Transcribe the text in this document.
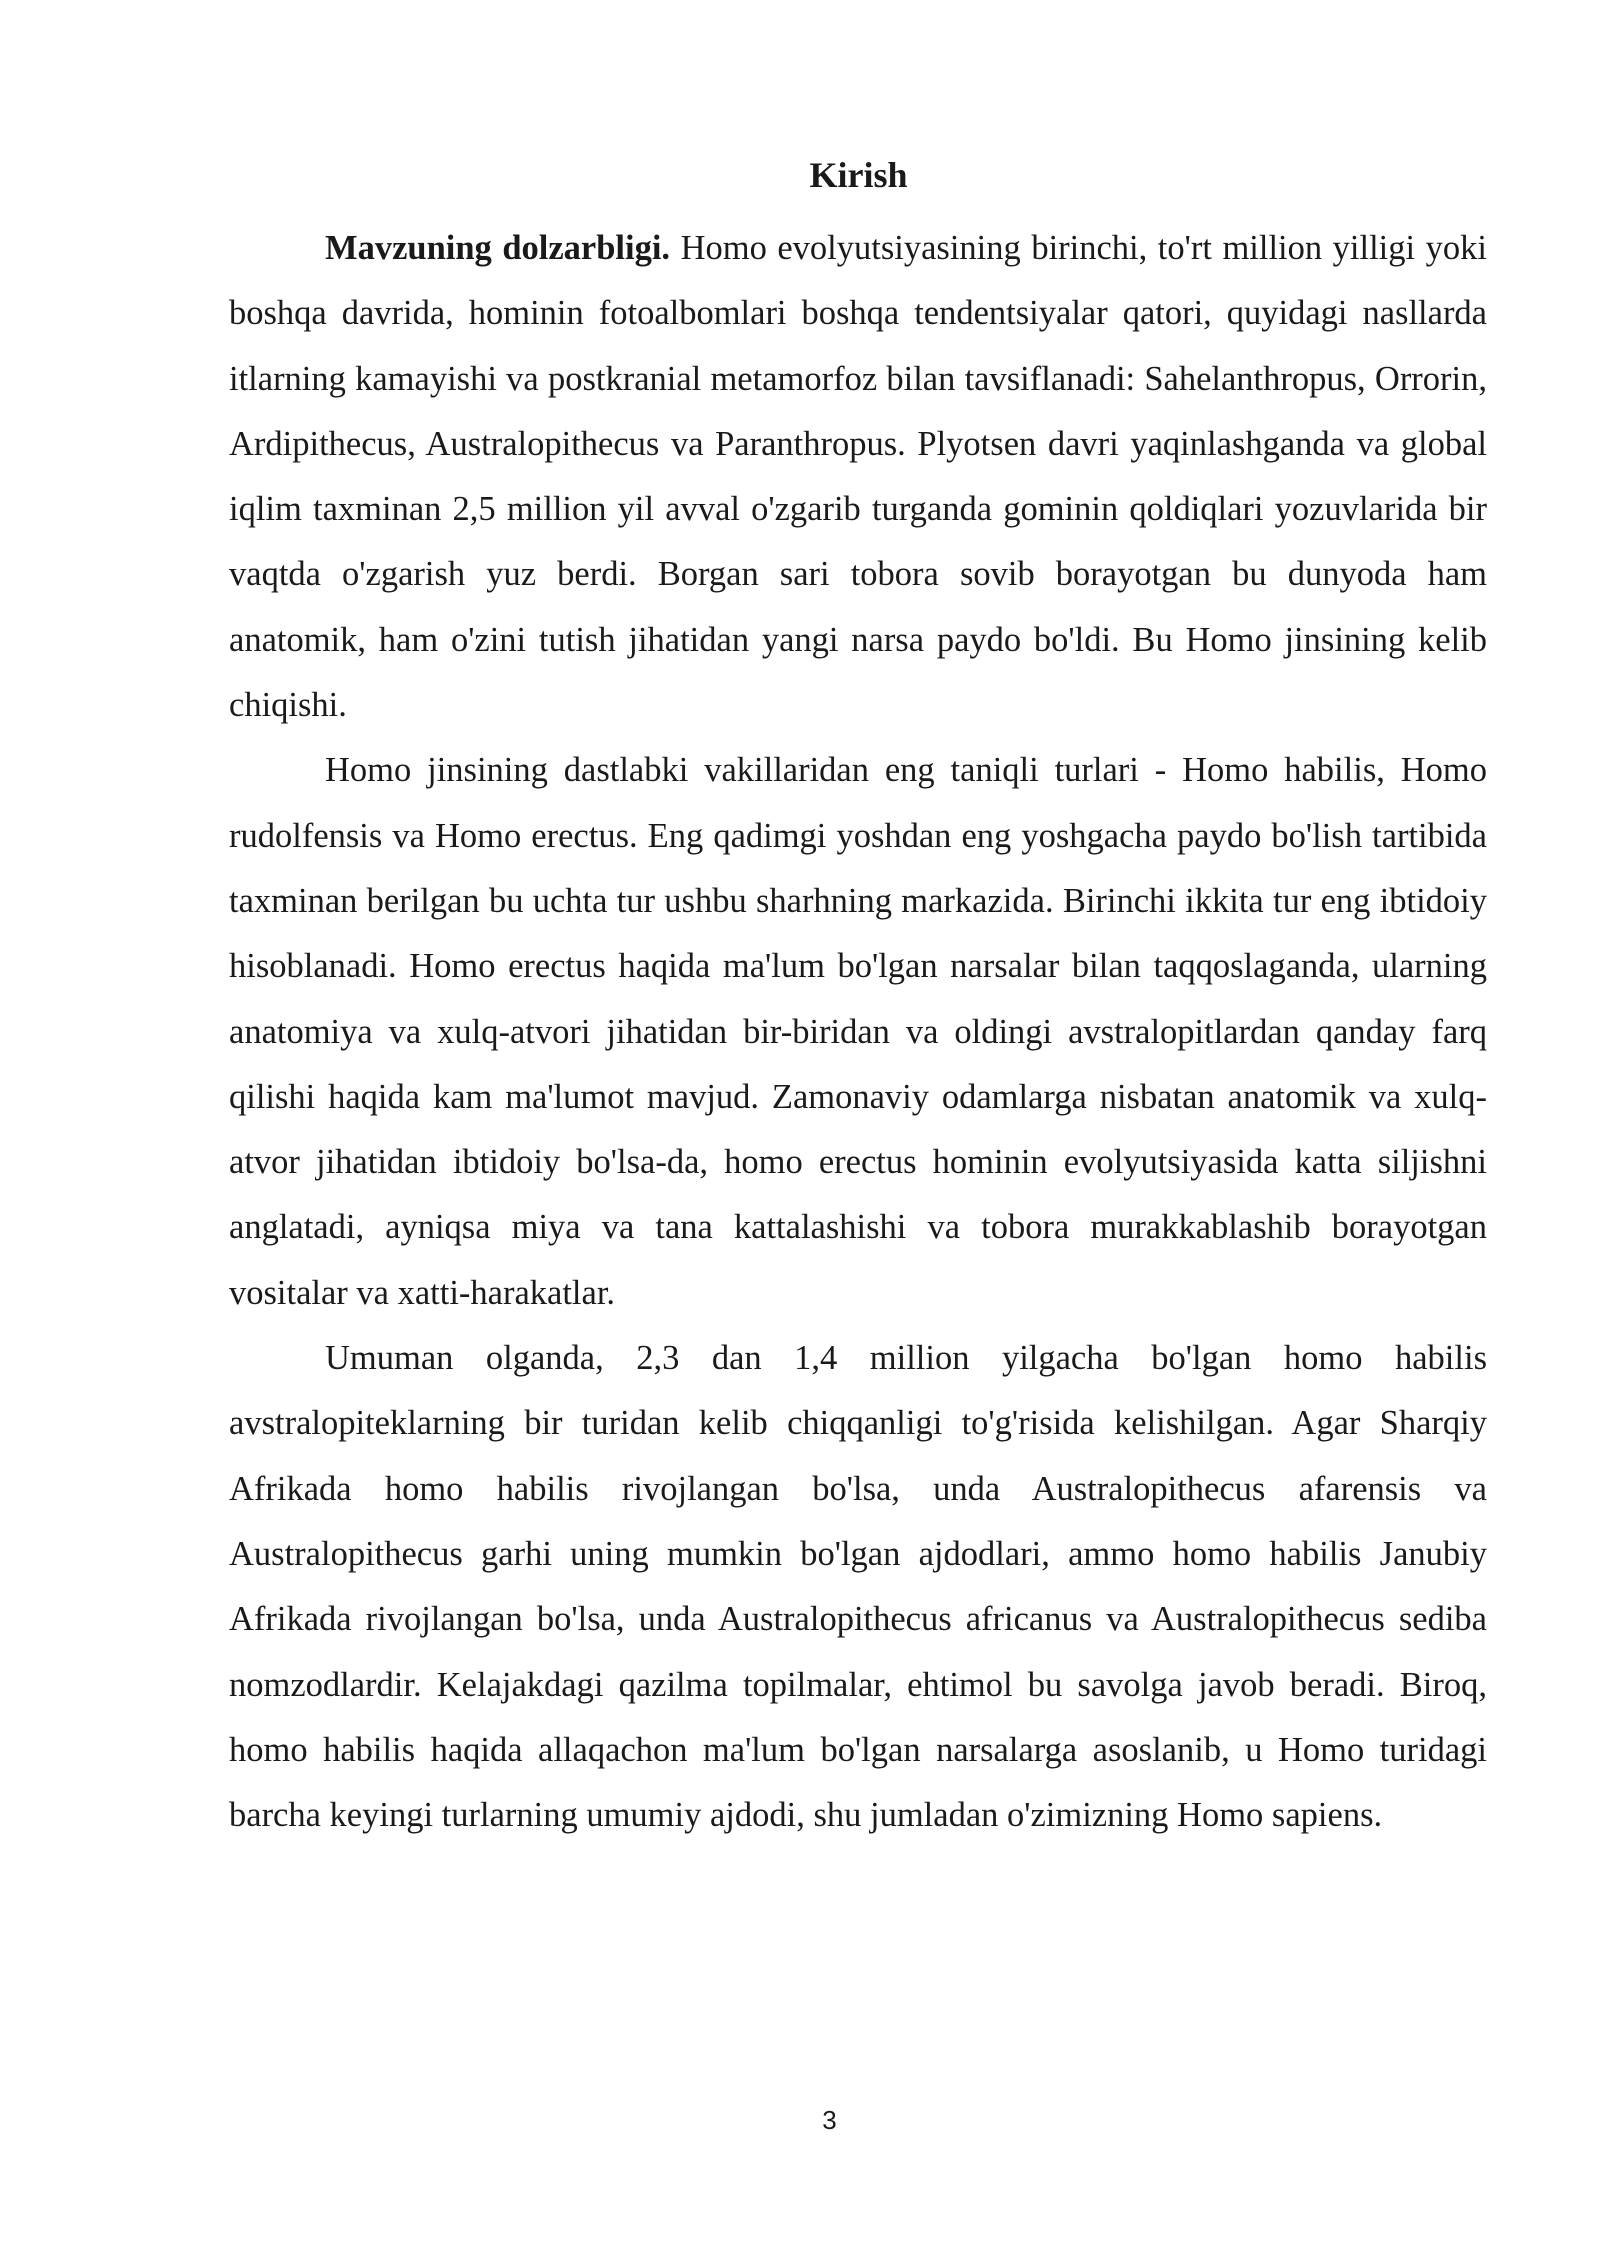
Kirish

Mavzuning dolzarbligi. Homo evolyutsiyasining birinchi, to'rt million yilligi yoki boshqa davrida, hominin fotoalbomlari boshqa tendentsiyalar qatori, quyidagi nasllarda itlarning kamayishi va postkranial metamorfoz bilan tavsiflanadi: Sahelanthropus, Orrorin, Ardipithecus, Australopithecus va Paranthropus. Plyotsen davri yaqinlashganda va global iqlim taxminan 2,5 million yil avval o'zgarib turganda gominin qoldiqlari yozuvlarida bir vaqtda o'zgarish yuz berdi. Borgan sari tobora sovib borayotgan bu dunyoda ham anatomik, ham o'zini tutish jihatidan yangi narsa paydo bo'ldi. Bu Homo jinsining kelib chiqishi.

Homo jinsining dastlabki vakillaridan eng taniqli turlari - Homo habilis, Homo rudolfensis va Homo erectus. Eng qadimgi yoshdan eng yoshgacha paydo bo'lish tartibida taxminan berilgan bu uchta tur ushbu sharhning markazida. Birinchi ikkita tur eng ibtidoiy hisoblanadi. Homo erectus haqida ma'lum bo'lgan narsalar bilan taqqoslaganda, ularning anatomiya va xulq-atvori jihatidan bir-biridan va oldingi avstralopitlardan qanday farq qilishi haqida kam ma'lumot mavjud. Zamonaviy odamlarga nisbatan anatomik va xulq-atvor jihatidan ibtidoiy bo'lsa-da, homo erectus hominin evolyutsiyasida katta siljishni anglatadi, ayniqsa miya va tana kattalashishi va tobora murakkablashib borayotgan vositalar va xatti-harakatlar.

Umuman olganda, 2,3 dan 1,4 million yilgacha bo'lgan homo habilis avstralopiteklarning bir turidan kelib chiqqanligi to'g'risida kelishilgan. Agar Sharqiy Afrikada homo habilis rivojlangan bo'lsa, unda Australopithecus afarensis va Australopithecus garhi uning mumkin bo'lgan ajdodlari, ammo homo habilis Janubiy Afrikada rivojlangan bo'lsa, unda Australopithecus africanus va Australopithecus sediba nomzodlardir. Kelajakdagi qazilma topilmalar, ehtimol bu savolga javob beradi. Biroq, homo habilis haqida allaqachon ma'lum bo'lgan narsalarga asoslanib, u Homo turidagi barcha keyingi turlarning umumiy ajdodi, shu jumladan o'zimizning Homo sapiens.

3
